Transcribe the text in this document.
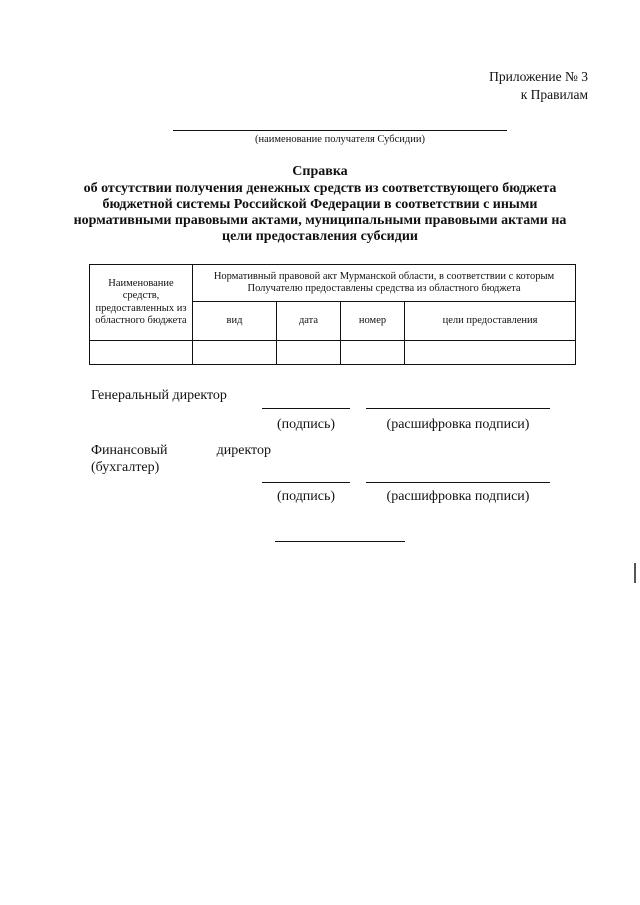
Приложение № 3
к Правилам
(наименование получателя Субсидии)
Справка
об отсутствии получения денежных средств из соответствующего бюджета бюджетной системы Российской Федерации в соответствии с иными нормативными правовыми актами, муниципальными правовыми актами на цели предоставления субсидии
Наименование средств, предоставленных из областного бюджета	Нормативный правовой акт Мурманской области, в соответствии с которым Получателю предоставлены средства из областного бюджета			
	вид	дата	номер	цели предоставления

Генеральный директор
(подпись)	(расшифровка подписи)
Финансовый директор
(бухгалтер)
(подпись)	(расшифровка подписи)
